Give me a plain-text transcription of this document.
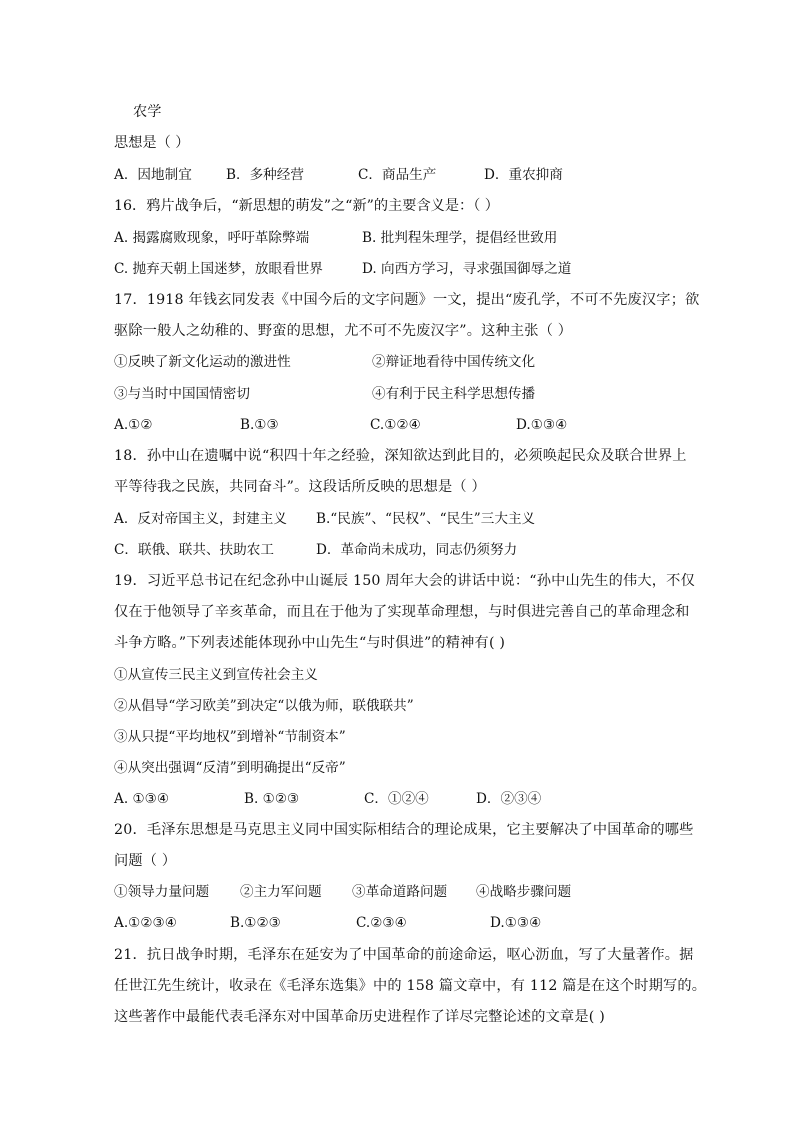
农学
思想是（ ）
A．因地制宜	B．多种经营	C．商品生产	D．重农抑商
16．鸦片战争后，“新思想的萌发”之“新”的主要含义是：（ ）
A. 揭露腐败现象，呼吁革除弊端	B. 批判程朱理学，提倡经世致用
C. 抛弃天朝上国迷梦，放眼看世界	D. 向西方学习，寻求强国御辱之道
17．1918 年钱玄同发表《中国今后的文字问题》一文，提出“废孔学，不可不先废汉字；欲
驱除一般人之幼稚的、野蛮的思想，尤不可不先废汉字”。这种主张（ ）
①反映了新文化运动的激进性	②辩证地看待中国传统文化
③与当时中国国情密切	④有利于民主科学思想传播
A.①②	B.①③	C.①②④	D.①③④
18．孙中山在遗嘱中说“积四十年之经验，深知欲达到此目的，必须唤起民众及联合世界上
平等待我之民族，共同奋斗”。这段话所反映的思想是（ ）
A．反对帝国主义，封建主义 B.“民族”、“民权”、“民生”三大主义
C．联俄、联共、扶助农工	D．革命尚未成功，同志仍须努力
19．习近平总书记在纪念孙中山诞辰 150 周年大会的讲话中说：“孙中山先生的伟大，不仅
仅在于他领导了辛亥革命，而且在于他为了实现革命理想，与时俱进完善自己的革命理念和
斗争方略。”下列表述能体现孙中山先生“与时俱进”的精神有( )
①从宣传三民主义到宣传社会主义
②从倡导“学习欧美”到决定“以俄为师，联俄联共”
③从只提“平均地权”到增补“节制资本”
④从突出强调“反清”到明确提出“反帝”
A. ①③④	B. ①②③	C．①②④	D．②③④
20．毛泽东思想是马克思主义同中国实际相结合的理论成果，它主要解决了中国革命的哪些
问题（ ）
①领导力量问题 ②主力军问题 ③革命道路问题 ④战略步骤问题
A.①②③④	B.①②③	C.②③④	D.①③④
21．抗日战争时期，毛泽东在延安为了中国革命的前途命运，呕心沥血，写了大量著作。据
任世江先生统计，收录在《毛泽东选集》中的 158 篇文章中，有 112 篇是在这个时期写的。
这些著作中最能代表毛泽东对中国革命历史进程作了详尽完整论述的文章是( )
